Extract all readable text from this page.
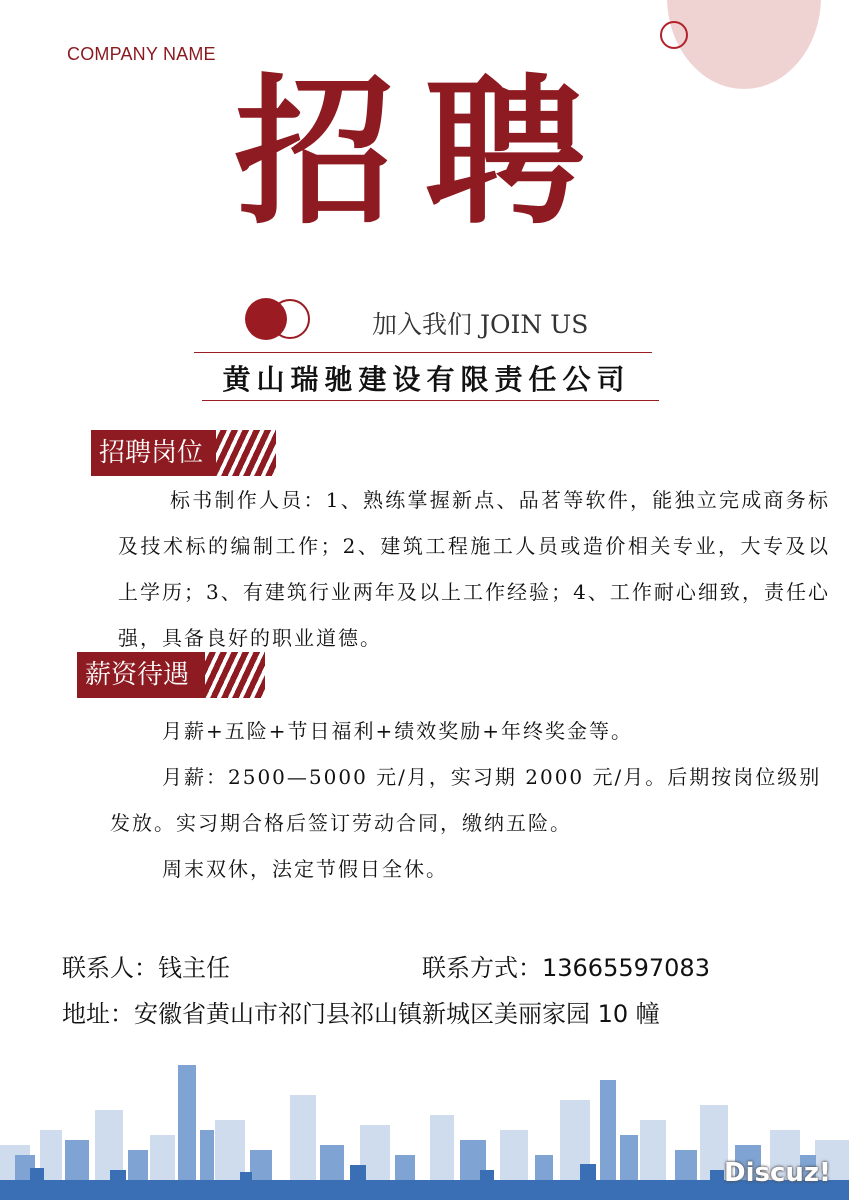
COMPANY NAME
招聘
加入我们 JOIN US
黄山瑞驰建设有限责任公司
招聘岗位
标书制作人员：1、熟练掌握新点、品茗等软件，能独立完成商务标及技术标的编制工作；2、建筑工程施工人员或造价相关专业，大专及以上学历；3、有建筑行业两年及以上工作经验；4、工作耐心细致，责任心强，具备良好的职业道德。
薪资待遇

月薪+五险+节日福利+绩效奖励+年终奖金等。

月薪：2500—5000 元/月，实习期 2000 元/月。后期按岗位级别发放。实习期合格后签订劳动合同，缴纳五险。

周末双休，法定节假日全休。

联系人：钱主任	联系方式：13665597083
地址：安徽省黄山市祁门县祁山镇新城区美丽家园 10 幢
Discuz!
